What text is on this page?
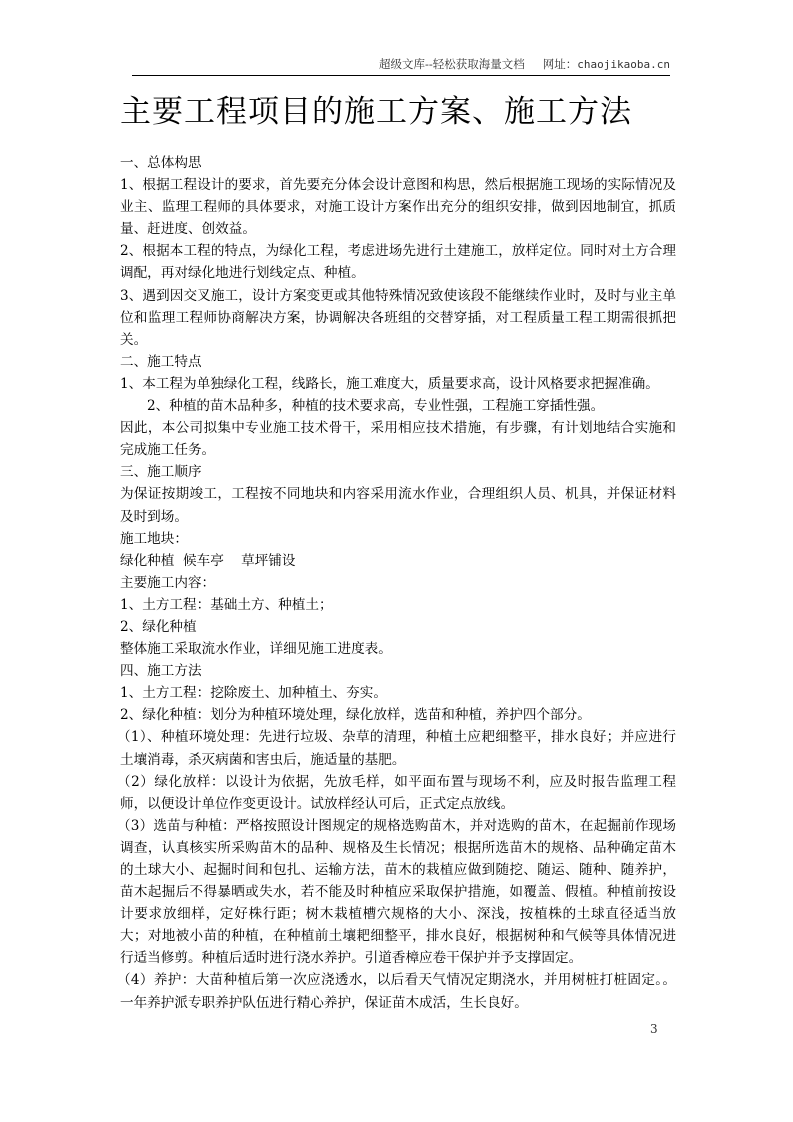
超级文库--轻松获取海量文档 网址：chaojikaoba.cn
主要工程项目的施工方案、施工方法

一、总体构思

1、根据工程设计的要求，首先要充分体会设计意图和构思，然后根据施工现场的实际情况及业主、监理工程师的具体要求，对施工设计方案作出充分的组织安排，做到因地制宜，抓质量、赶进度、创效益。

2、根据本工程的特点，为绿化工程，考虑进场先进行土建施工，放样定位。同时对土方合理调配，再对绿化地进行划线定点、种植。

3、遇到因交叉施工，设计方案变更或其他特殊情况致使该段不能继续作业时，及时与业主单位和监理工程师协商解决方案，协调解决各班组的交替穿插，对工程质量工程工期需很抓把关。

二、施工特点

1、本工程为单独绿化工程，线路长，施工难度大，质量要求高，设计风格要求把握准确。

2、种植的苗木品种多，种植的技术要求高，专业性强，工程施工穿插性强。

因此，本公司拟集中专业施工技术骨干，采用相应技术措施，有步骤，有计划地结合实施和完成施工任务。

三、施工顺序

为保证按期竣工，工程按不同地块和内容采用流水作业，合理组织人员、机具，并保证材料及时到场。

施工地块：

绿化种植  候车亭    草坪铺设

主要施工内容：

1、土方工程：基础土方、种植土；

2、绿化种植

整体施工采取流水作业，详细见施工进度表。

四、施工方法

1、土方工程：挖除废土、加种植土、夯实。

2、绿化种植：划分为种植环境处理，绿化放样，选苗和种植，养护四个部分。

（1）、种植环境处理：先进行垃圾、杂草的清理，种植土应耙细整平，排水良好；并应进行土壤消毒，杀灭病菌和害虫后，施适量的基肥。

（2）绿化放样：以设计为依据，先放毛样，如平面布置与现场不利，应及时报告监理工程师，以便设计单位作变更设计。试放样经认可后，正式定点放线。

（3）选苗与种植：严格按照设计图规定的规格选购苗木，并对选购的苗木，在起掘前作现场调查，认真核实所采购苗木的品种、规格及生长情况；根据所选苗木的规格、品种确定苗木的土球大小、起掘时间和包扎、运输方法，苗木的栽植应做到随挖、随运、随种、随养护，苗木起掘后不得暴晒或失水，若不能及时种植应采取保护措施，如覆盖、假植。种植前按设计要求放细样，定好株行距；树木栽植槽穴规格的大小、深浅，按植株的土球直径适当放大；对地被小苗的种植，在种植前土壤耙细整平，排水良好，根据树种和气候等具体情况进行适当修剪。种植后适时进行浇水养护。引道香樟应卷干保护并予支撑固定。

（4）养护：大苗种植后第一次应浇透水，以后看天气情况定期浇水，并用树桩打桩固定。。一年养护派专职养护队伍进行精心养护，保证苗木成活，生长良好。

3
